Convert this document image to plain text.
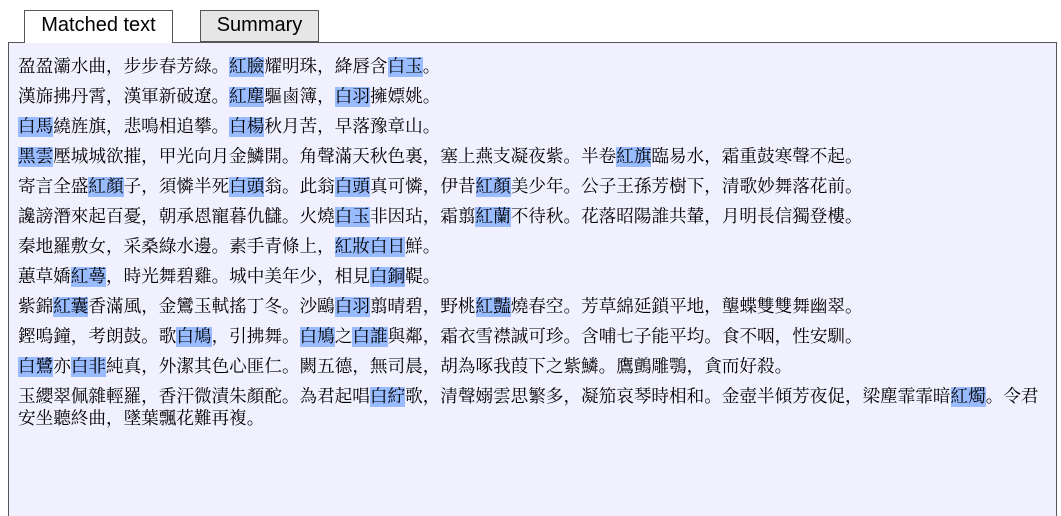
Matched text	Summary
盈盈灞水曲，步步春芳綠。紅臉耀明珠，絳唇含白玉。
漢旆拂丹霄，漢軍新破遼。紅塵驅鹵簿，白羽擁嫖姚。
白馬繞旌旗，悲鳴相追攀。白楊秋月苦，早落豫章山。
黑雲壓城城欲摧，甲光向月金鱗開。角聲滿天秋色裏，塞上燕支凝夜紫。半卷紅旗臨易水，霜重鼓寒聲不起。
寄言全盛紅顏子，須憐半死白頭翁。此翁白頭真可憐，伊昔紅顏美少年。公子王孫芳樹下，清歌妙舞落花前。
讒謗潛來起百憂，朝承恩寵暮仇讎。火燒白玉非因玷，霜翦紅蘭不待秋。花落昭陽誰共輦，月明長信獨登樓。
秦地羅敷女，采桑綠水邊。素手青條上，紅妝白日鮮。
蕙草嬌紅蕚，時光舞碧雞。城中美年少，相見白銅鞮。
紫錦紅囊香滿風，金鸞玉軾搖丁冬。沙鷗白羽翦晴碧，野桃紅豔燒春空。芳草綿延鎖平地，壟蝶雙雙舞幽翠。
鏗嗚鐘，考朗鼓。歌白鳩，引拂舞。白鳩之白誰與鄰，霜衣雪襟誠可珍。含哺七子能平均。食不咽，性安馴。
白鷺亦白非純真，外潔其色心匪仁。闕五德，無司晨，胡為啄我葭下之紫鱗。鷹鸇雕鶚，貪而好殺。
玉纓翠佩雜輕羅，香汗微漬朱顏酡。為君起唱白紵歌，清聲嫋雲思繁多，凝笳哀琴時相和。金壺半傾芳夜促，梁塵霏霏暗紅燭。令君安坐聽終曲，墜葉飄花難再複。
